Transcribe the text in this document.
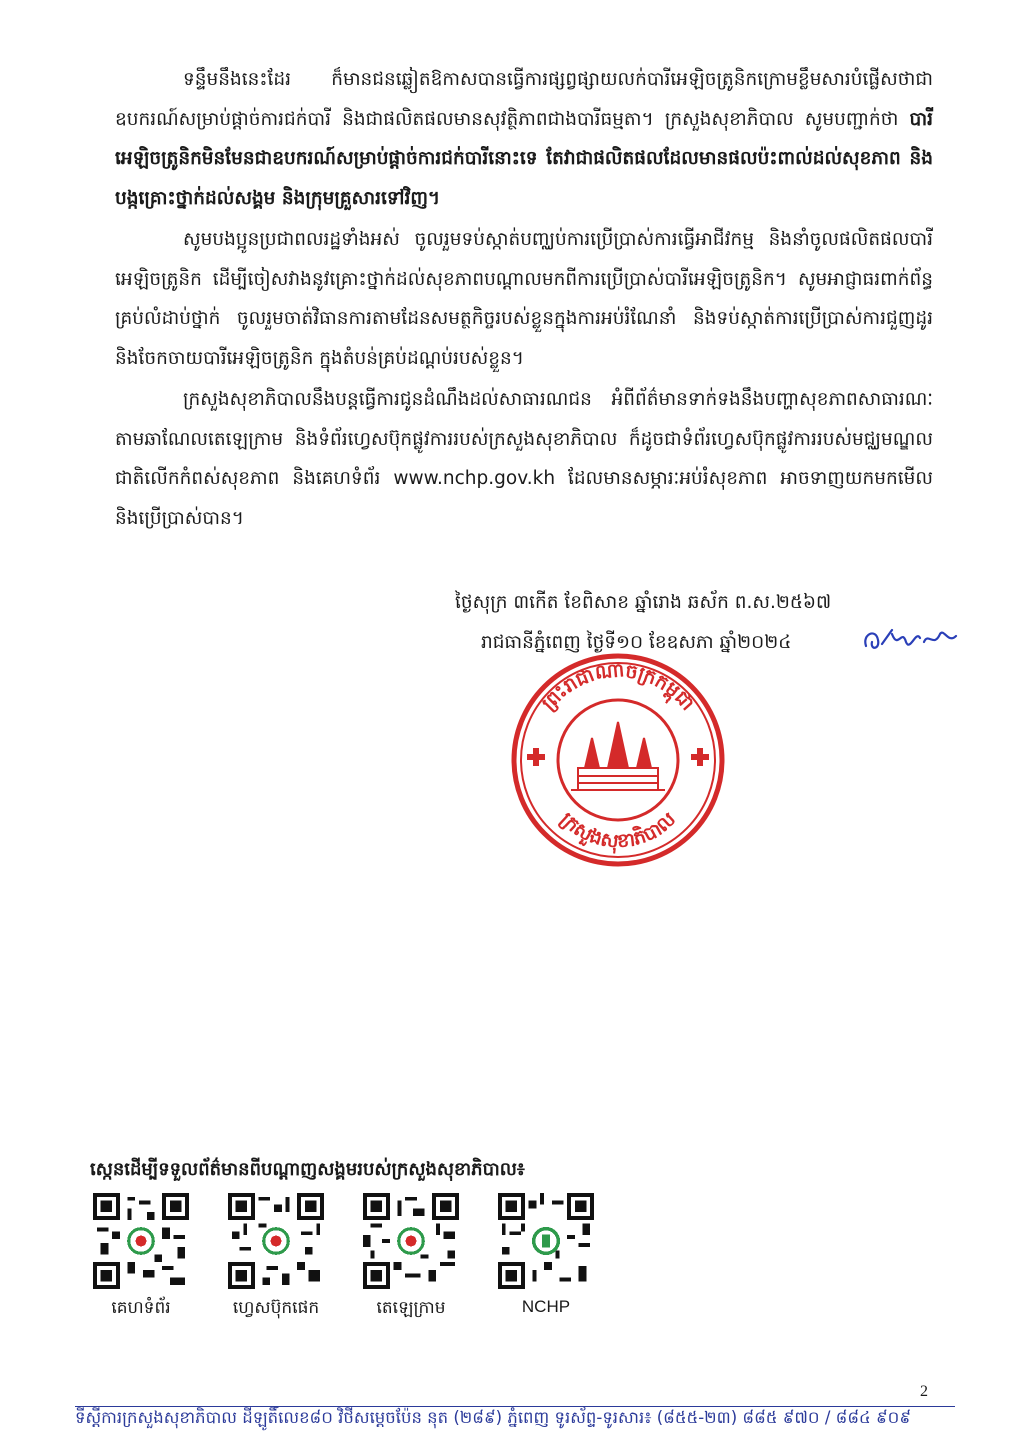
ទន្ទឹមនឹងនេះដែរ ក៏មានជនឆ្លៀតឱកាសបានធ្វើការផ្សព្វផ្សាយលក់បារីអេឡិចត្រូនិកក្រោមខ្លឹមសារបំផ្លើសថាជាឧបករណ៍សម្រាប់ផ្តាច់ការជក់បារី និងជាផលិតផលមានសុវត្ថិភាពជាងបារីធម្មតា។ ក្រសួងសុខាភិបាល សូមបញ្ជាក់ថា បារីអេឡិចត្រូនិកមិនមែនជាឧបករណ៍សម្រាប់ផ្តាច់ការជក់បារីនោះទេ តែវាជាផលិតផលដែលមានផលប៉ះពាល់ដល់សុខភាព និងបង្កគ្រោះថ្នាក់ដល់សង្គម និងក្រុមគ្រួសារទៅវិញ។

សូមបងប្អូនប្រជាពលរដ្ឋទាំងអស់ ចូលរួមទប់ស្កាត់បញ្ឈប់ការប្រើប្រាស់ការធ្វើអាជីវកម្ម និងនាំចូលផលិតផលបារីអេឡិចត្រូនិក ដើម្បីចៀសវាងនូវគ្រោះថ្នាក់ដល់សុខភាពបណ្តាលមកពីការប្រើប្រាស់បារីអេឡិចត្រូនិក។ សូមអាជ្ញាធរពាក់ព័ន្ធគ្រប់លំដាប់ថ្នាក់ ចូលរួមចាត់វិធានការតាមដែនសមត្ថកិច្ចរបស់ខ្លួនក្នុងការអប់រំណែនាំ និងទប់ស្កាត់ការប្រើប្រាស់ការជួញដូរ និងចែកចាយបារីអេឡិចត្រូនិក ក្នុងតំបន់គ្រប់ដណ្តប់របស់ខ្លួន។

ក្រសួងសុខាភិបាលនឹងបន្តធ្វើការជូនដំណឹងដល់សាធារណជន អំពីព័ត៌មានទាក់ទងនឹងបញ្ហាសុខភាពសាធារណៈ តាមឆាណែលតេឡេក្រាម និងទំព័រហ្វេសប៊ុកផ្លូវការរបស់ក្រសួងសុខាភិបាល ក៏ដូចជាទំព័រហ្វេសប៊ុកផ្លូវការរបស់មជ្ឈមណ្ឌលជាតិលើកកំពស់សុខភាព និងគេហទំព័រ www.nchp.gov.kh ដែលមានសម្ភារៈអប់រំសុខភាព អាចទាញយកមកមើល និងប្រើប្រាស់បាន។

ថ្ងៃសុក្រ ៣កើត ខែពិសាខ ឆ្នាំរោង ឆស័ក ព.ស.២៥៦៧
រាជធានីភ្នំពេញ ថ្ងៃទី១០ ខែឧសភា ឆ្នាំ២០២៤
ព្រះរាជាណាចក្រកម្ពុជា
ក្រសួងសុខាភិបាល
ស្កេនដើម្បីទទួលព័ត៌មានពីបណ្តាញសង្គមរបស់ក្រសួងសុខាភិបាល៖
គេហទំព័រ	ហ្វេសប៊ុកផេក	តេឡេក្រាម	NCHP
2
ទីស្តីការក្រសួងសុខាភិបាល ដីឡូតិ៍លេខ៨០ វិថីសម្តេចប៉ែន នុត (២៨៩) ភ្នំពេញ ទូរស័ព្ទ-ទូរសារ៖ (៨៥៥-២៣) ៨៨៥ ៩៧០ / ៨៨៤ ៩០៩
